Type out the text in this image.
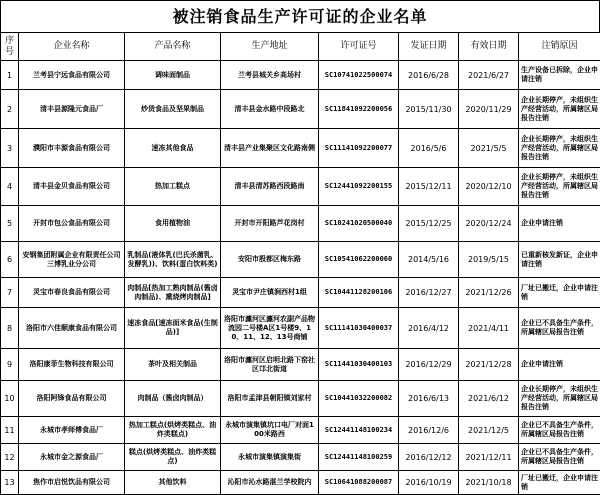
被注销食品生产许可证的企业名单
序号	企业名称	产品名称	生产地址	许可证号	发证日期	有效日期	注销原因
1	兰考县宁远食品有限公司	调味面制品	兰考县城关乡高场村	SC10741022500074	2016/6/28	2021/6/27	生产设备已拆除，企业申请注销
2	清丰县源隆元食品厂	炒货食品及坚果制品	清丰县金水路中段路北	SC11841092200056	2015/11/30	2020/11/29	企业长期停产，未组织生产经营活动，所属辖区局报告注销
3	濮阳市丰源食品有限公司	速冻其他食品	清丰县产业集聚区文化路南侧	SC11141092200077	2016/5/6	2021/5/5	企业长期停产，未组织生产经营活动，所属辖区局报告注销
4	清丰县金贝食品有限公司	热加工糕点	清丰县清苏路西段路南	SC12441092200155	2015/12/11	2020/12/10	企业长期停产，未组织生产经营活动，所属辖区局报告注销
5	开封市包公食品有限公司	食用植物油	开封市开阳路芦花岗村	SC10241020500040	2015/12/25	2020/12/24	企业申请注销
6	安钢集团附属企业有限责任公司三博乳业分公司	乳制品(液体乳(巴氏杀菌乳、发酵乳))、饮料(蛋白饮料类)	安阳市殷都区梅东路	SC10541062200060	2014/5/16	2019/5/15	已重新核发新证，企业申请注销
7	灵宝市春良食品有限公司	肉制品[热加工熟肉制品(酱卤肉制品)、熏烧烤肉制品]	灵宝市尹庄镇涧西村1组	SC10441128200106	2016/12/27	2021/12/26	厂址已搬迁，企业申请注销
8	洛阳市六佳顺康食品有限公司	速冻食品[速冻面米食品(生制品)]	洛阳市瀍河区瀍河农副产品物流园二号楼A区1号楼9、10、11、12、13号商铺	SC11141030400037	2016/4/12	2021/4/11	企业已不具备生产条件，所属辖区局报告注销
9	洛阳康菲生物科技有限公司	茶叶及相关制品	洛阳市瀍河区启明北路下窑社区邙北街道	SC11441030400103	2016/12/29	2021/12/28	企业申请注销
10	洛阳阿锋食品有限公司	肉制品（酱卤肉制品）	洛阳市孟津县朝阳镇刘家村	SC10441032200082	2016/6/13	2021/6/12	企业长期停产，未组织生产经营活动，所属辖区局报告注销
11	永城市孝师傅食品厂	热加工糕点(烘烤类糕点、油炸类糕点)	永城市演集镇坑口电厂对面100米路西	SC12441148100234	2016/12/6	2021/12/5	企业已不具备生产条件，所属辖区局报告注销
12	永城市金之源食品厂	糕点(烘烤类糕点、油炸类糕点)	永城市演集镇演集街	SC12441148100259	2016/12/12	2021/12/11	企业已不具备生产条件，所属辖区局报告注销
13	焦作市启悦饮品有限公司	其他饮料	沁阳市沁水路湛兰学校院内	SC10641088200087	2016/10/19	2021/10/18	厂址已搬迁，企业申请注销
